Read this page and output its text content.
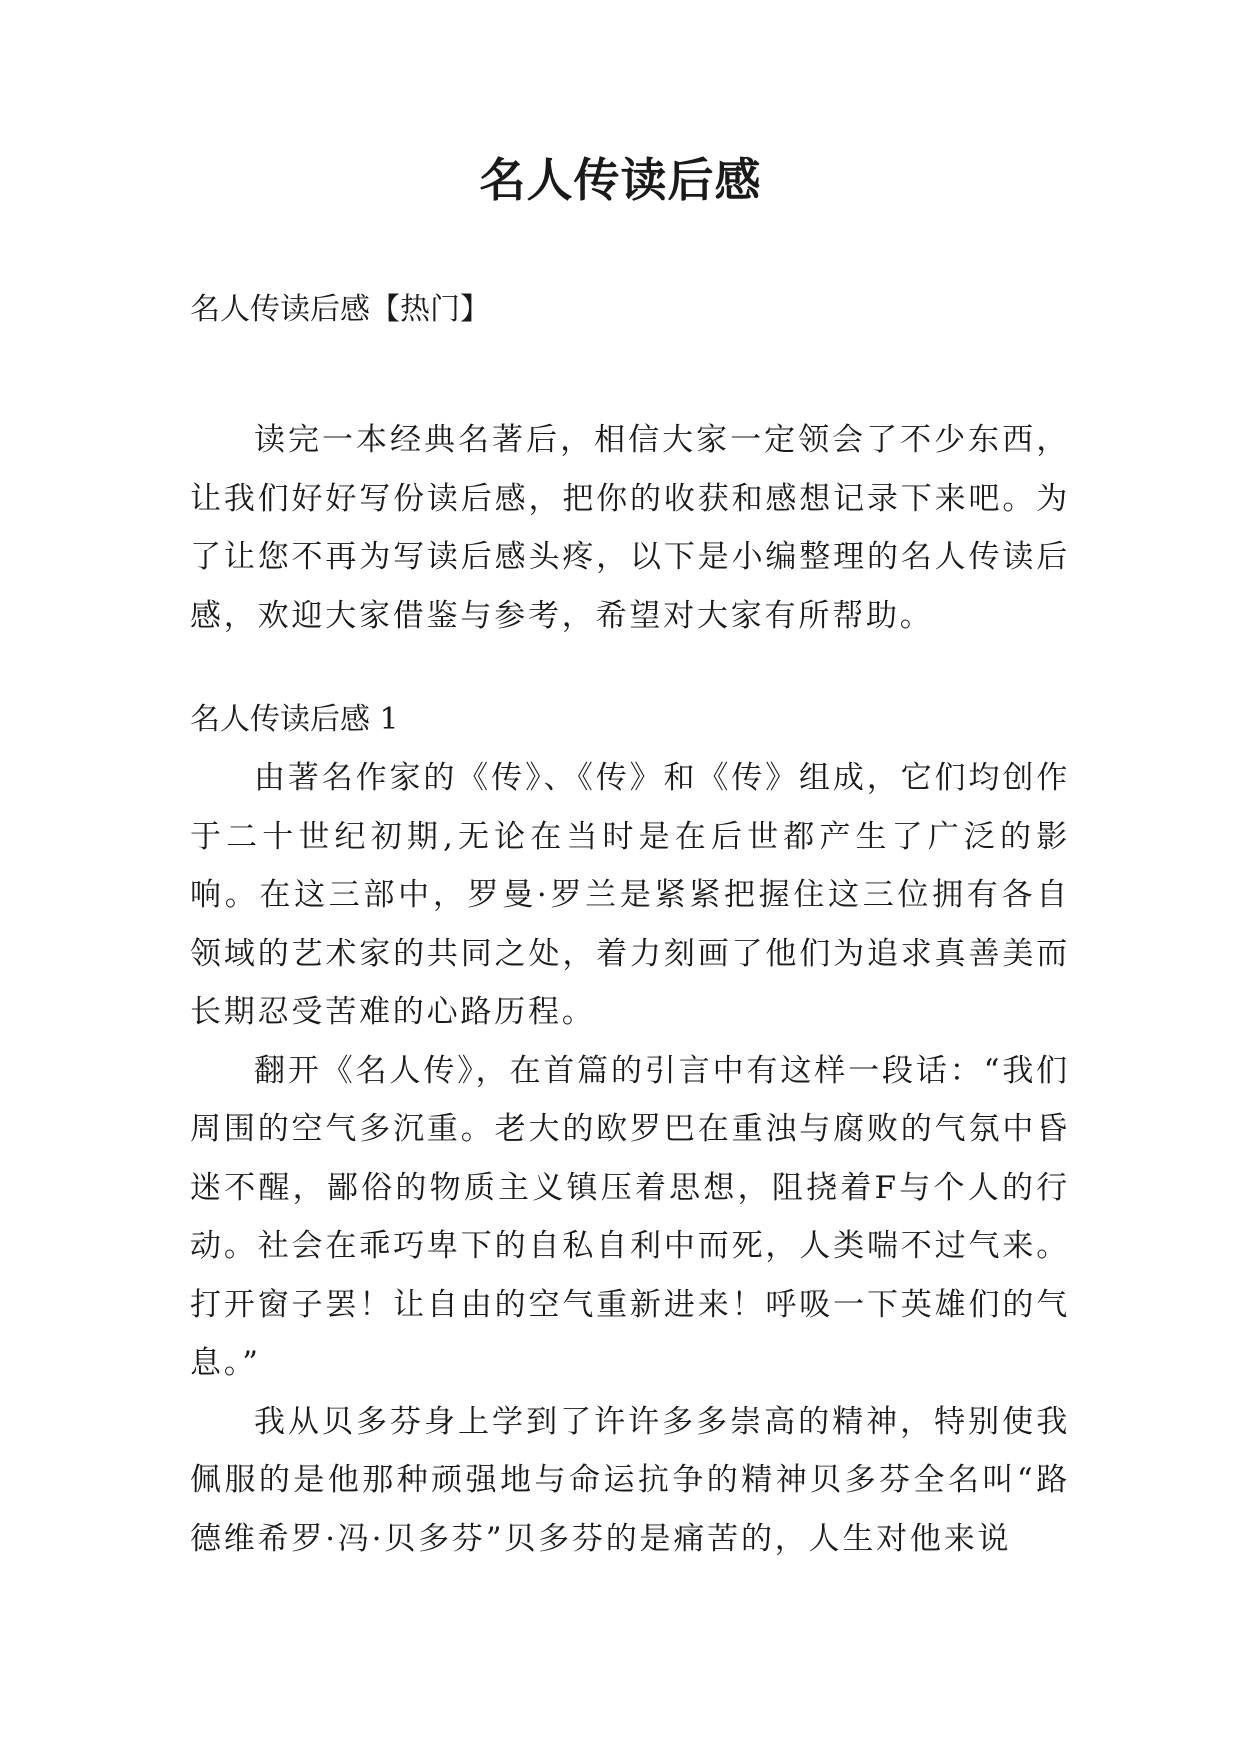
名人传读后感

名人传读后感【热门】

读完一本经典名著后，相信大家一定领会了不少东西，让我们好好写份读后感，把你的收获和感想记录下来吧。为了让您不再为写读后感头疼，以下是小编整理的名人传读后感，欢迎大家借鉴与参考，希望对大家有所帮助。

名人传读后感 1

由著名作家的《传》、《传》和《传》组成，它们均创作于二十世纪初期,无论在当时是在后世都产生了广泛的影响。在这三部中，罗曼·罗兰是紧紧把握住这三位拥有各自领域的艺术家的共同之处，着力刻画了他们为追求真善美而长期忍受苦难的心路历程。

翻开《名人传》，在首篇的引言中有这样一段话：“我们周围的空气多沉重。老大的欧罗巴在重浊与腐败的气氛中昏迷不醒，鄙俗的物质主义镇压着思想，阻挠着F与个人的行动。社会在乖巧卑下的自私自利中而死，人类喘不过气来。打开窗子罢！让自由的空气重新进来！呼吸一下英雄们的气息。”

我从贝多芬身上学到了许许多多崇高的精神，特别使我佩服的是他那种顽强地与命运抗争的精神贝多芬全名叫“路德维希罗·冯·贝多芬”贝多芬的是痛苦的，人生对他来说
